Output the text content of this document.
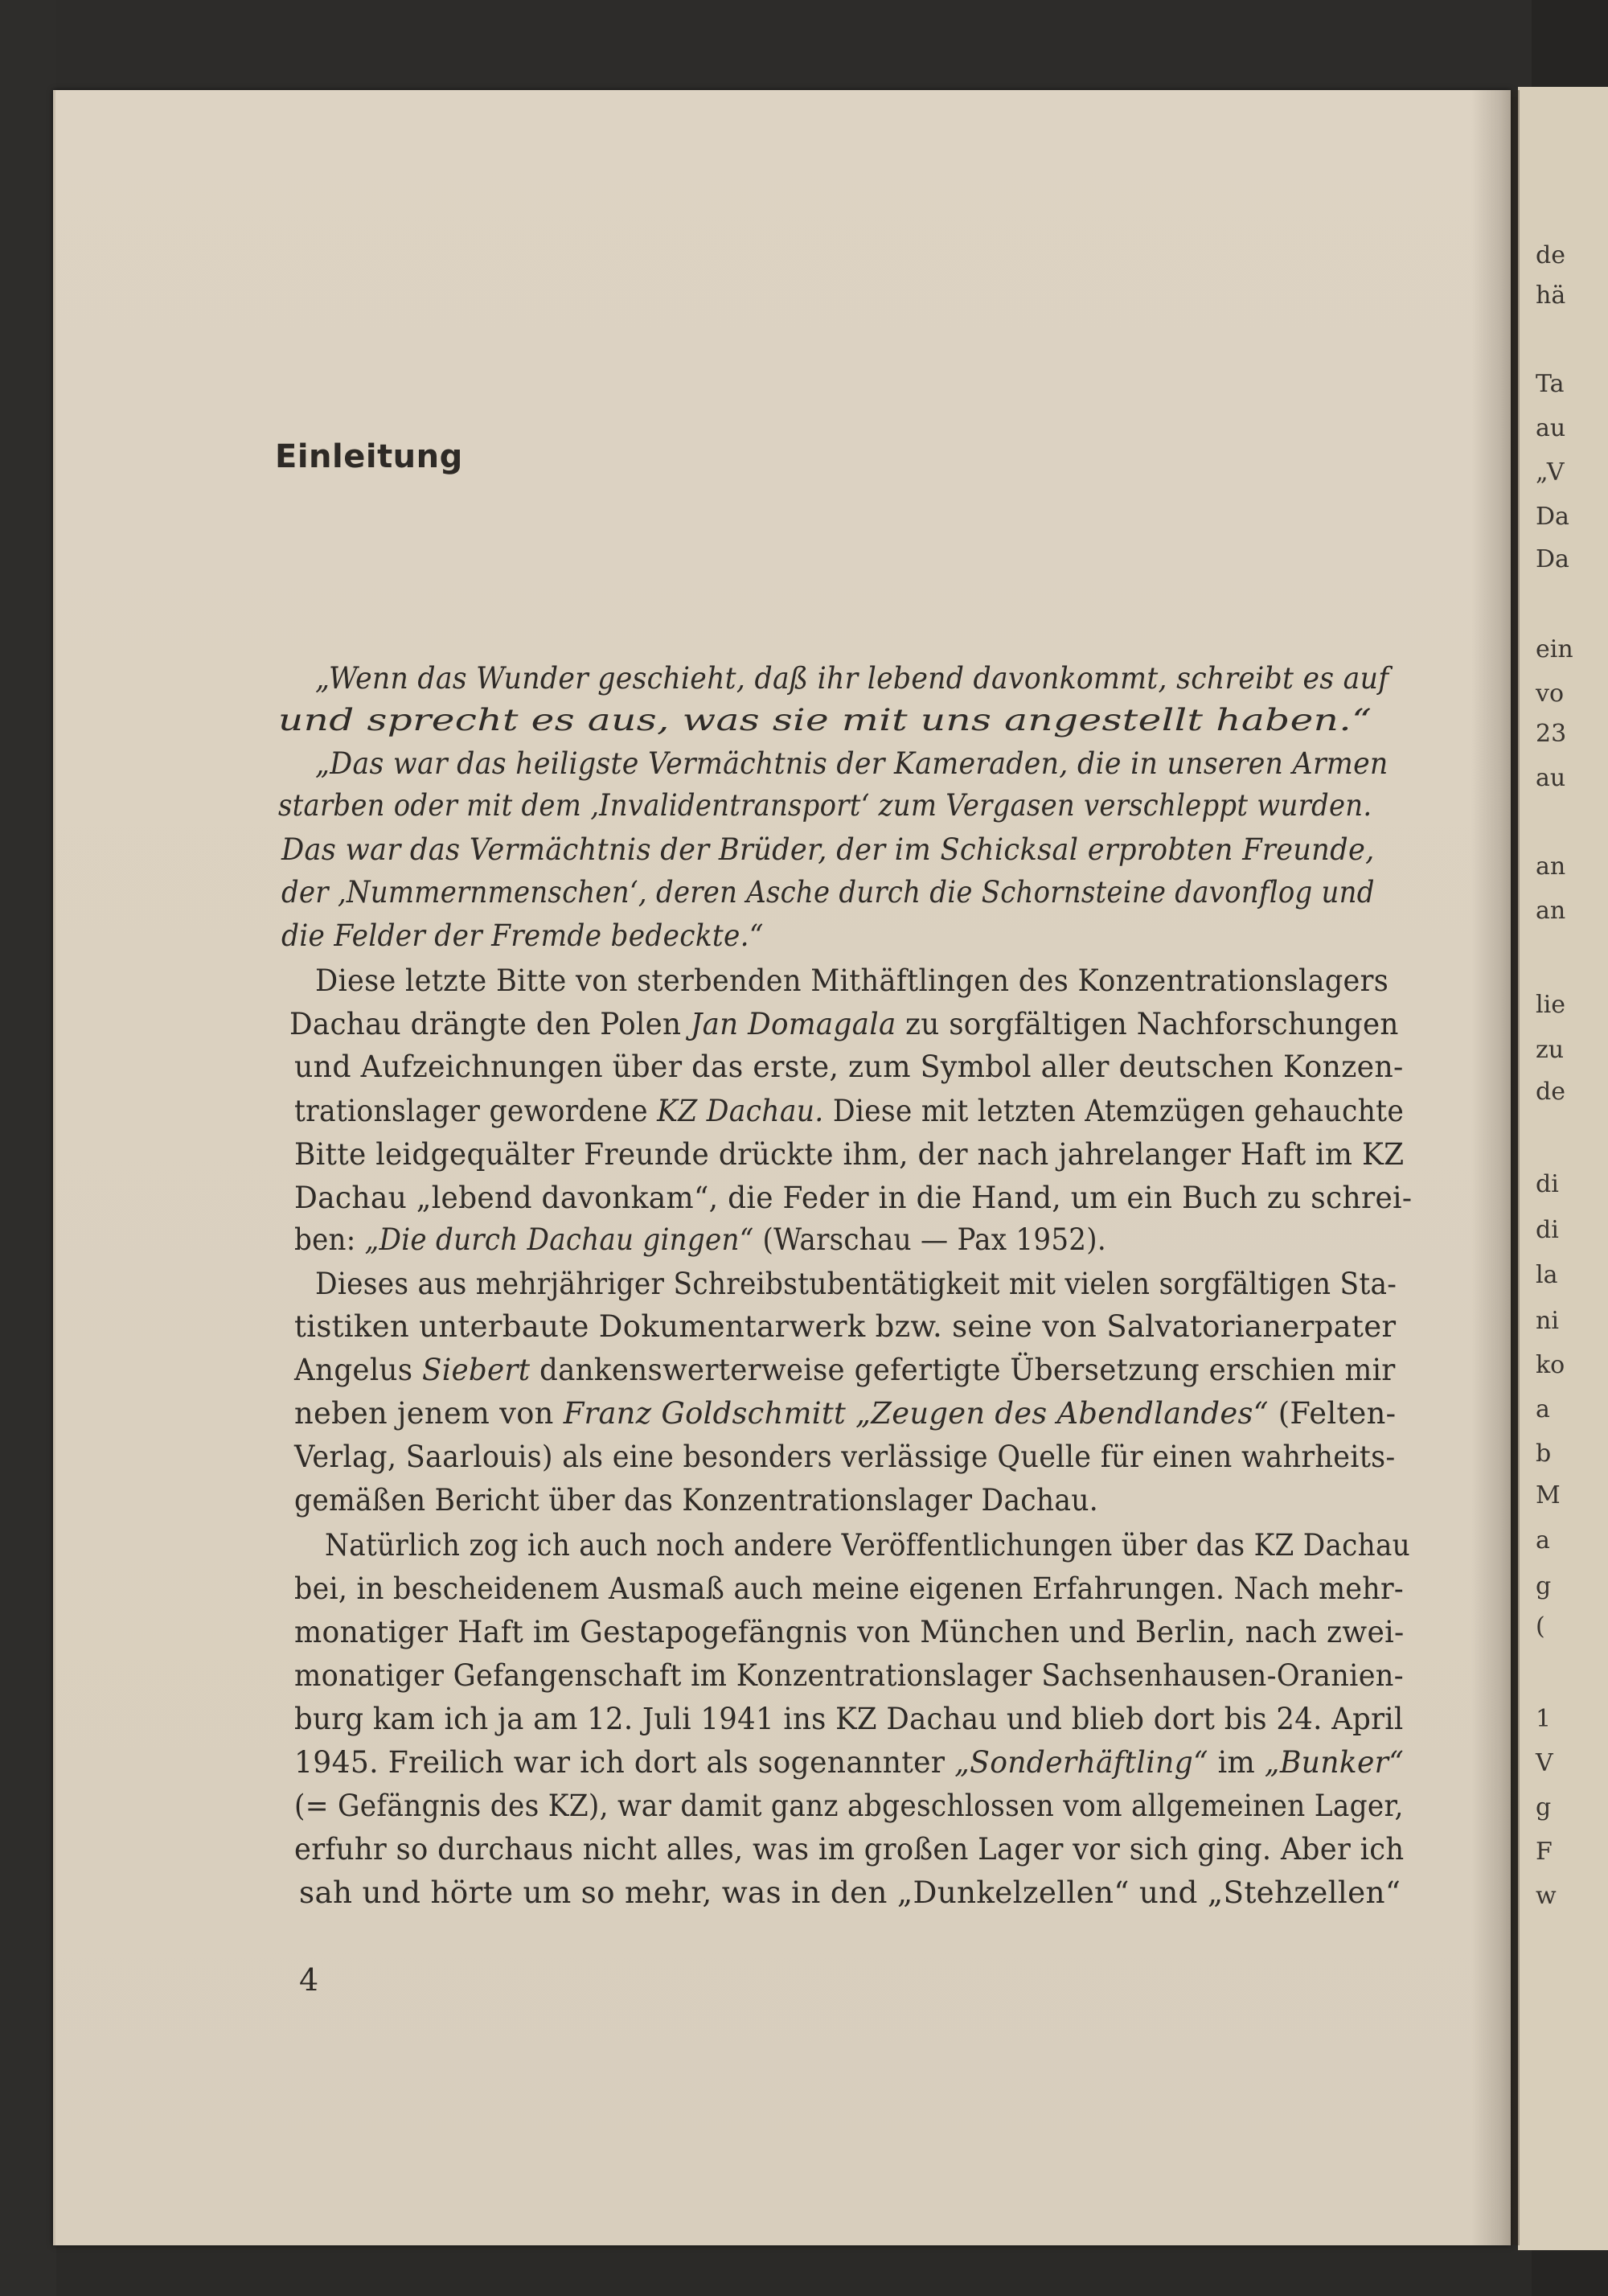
de
hä
Ta
au
„V
Da
Da
ein
vo
23
au
an
an
lie
zu
de
di
di
la
ni
ko
a
b
M
a
g
(
1
V
g
F
w
Einleitung
„Wenn das Wunder geschieht, daß ihr lebend davonkommt, schreibt es auf
und sprecht es aus, was sie mit uns angestellt haben.“
„Das war das heiligste Vermächtnis der Kameraden, die in unseren Armen
starben oder mit dem ‚Invalidentransport‘ zum Vergasen verschleppt wurden.
Das war das Vermächtnis der Brüder, der im Schicksal erprobten Freunde,
der ‚Nummernmenschen‘, deren Asche durch die Schornsteine davonflog und
die Felder der Fremde bedeckte.“
Diese letzte Bitte von sterbenden Mithäftlingen des Konzentrationslagers
Dachau drängte den Polen Jan Domagala zu sorgfältigen Nachforschungen
und Aufzeichnungen über das erste, zum Symbol aller deutschen Konzen-
trationslager gewordene KZ Dachau. Diese mit letzten Atemzügen gehauchte
Bitte leidgequälter Freunde drückte ihm, der nach jahrelanger Haft im KZ
Dachau „lebend davonkam“, die Feder in die Hand, um ein Buch zu schrei-
ben: „Die durch Dachau gingen“ (Warschau — Pax 1952).
Dieses aus mehrjähriger Schreibstubentätigkeit mit vielen sorgfältigen Sta-
tistiken unterbaute Dokumentarwerk bzw. seine von Salvatorianerpater
Angelus Siebert dankenswerterweise gefertigte Übersetzung erschien mir
neben jenem von Franz Goldschmitt „Zeugen des Abendlandes“ (Felten-
Verlag, Saarlouis) als eine besonders verlässige Quelle für einen wahrheits-
gemäßen Bericht über das Konzentrationslager Dachau.
Natürlich zog ich auch noch andere Veröffentlichungen über das KZ Dachau
bei, in bescheidenem Ausmaß auch meine eigenen Erfahrungen. Nach mehr-
monatiger Haft im Gestapogefängnis von München und Berlin, nach zwei-
monatiger Gefangenschaft im Konzentrationslager Sachsenhausen-Oranien-
burg kam ich ja am 12. Juli 1941 ins KZ Dachau und blieb dort bis 24. April
1945. Freilich war ich dort als sogenannter „Sonderhäftling“ im „Bunker“
(= Gefängnis des KZ), war damit ganz abgeschlossen vom allgemeinen Lager,
erfuhr so durchaus nicht alles, was im großen Lager vor sich ging. Aber ich
sah und hörte um so mehr, was in den „Dunkelzellen“ und „Stehzellen“
4
